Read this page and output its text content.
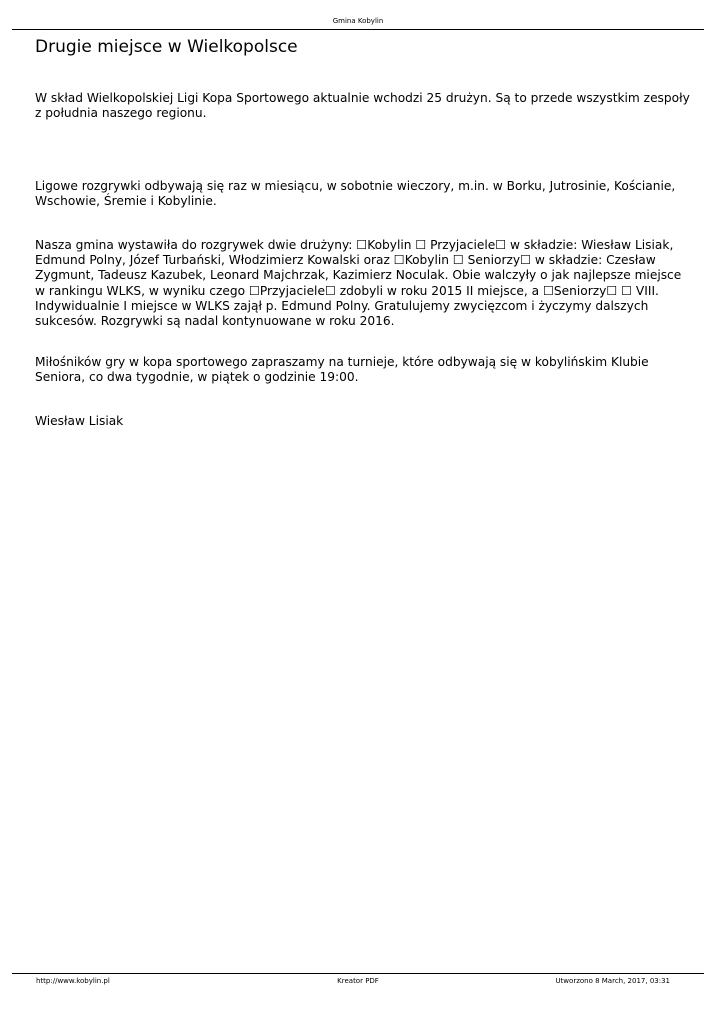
Gmina Kobylin
Drugie miejsce w Wielkopolsce

W skład Wielkopolskiej Ligi Kopa Sportowego aktualnie wchodzi 25 drużyn. Są to przede wszystkim zespoły z południa naszego regionu.

Ligowe rozgrywki odbywają się raz w miesiącu, w sobotnie wieczory, m.in. w Borku, Jutrosinie, Kościanie, Wschowie, Śremie i Kobylinie.

Nasza gmina wystawiła do rozgrywek dwie drużyny: ☐Kobylin ☐ Przyjaciele☐ w składzie: Wiesław Lisiak, Edmund Polny, Józef Turbański, Włodzimierz Kowalski oraz ☐Kobylin ☐ Seniorzy☐ w składzie: Czesław Zygmunt, Tadeusz Kazubek, Leonard Majchrzak, Kazimierz Noculak. Obie walczyły o jak najlepsze miejsce w rankingu WLKS, w wyniku czego ☐Przyjaciele☐ zdobyli w roku 2015 II miejsce, a ☐Seniorzy☐ ☐ VIII. Indywidualnie I miejsce w WLKS zajął p. Edmund Polny. Gratulujemy zwycięzcom i życzymy dalszych sukcesów. Rozgrywki są nadal kontynuowane w roku 2016.

Miłośników gry w kopa sportowego zapraszamy na turnieje, które odbywają się w kobylińskim Klubie Seniora, co dwa tygodnie, w piątek o godzinie 19:00.

Wiesław Lisiak

http://www.kobylin.pl	Kreator PDF	Utworzono 8 March, 2017, 03:31
